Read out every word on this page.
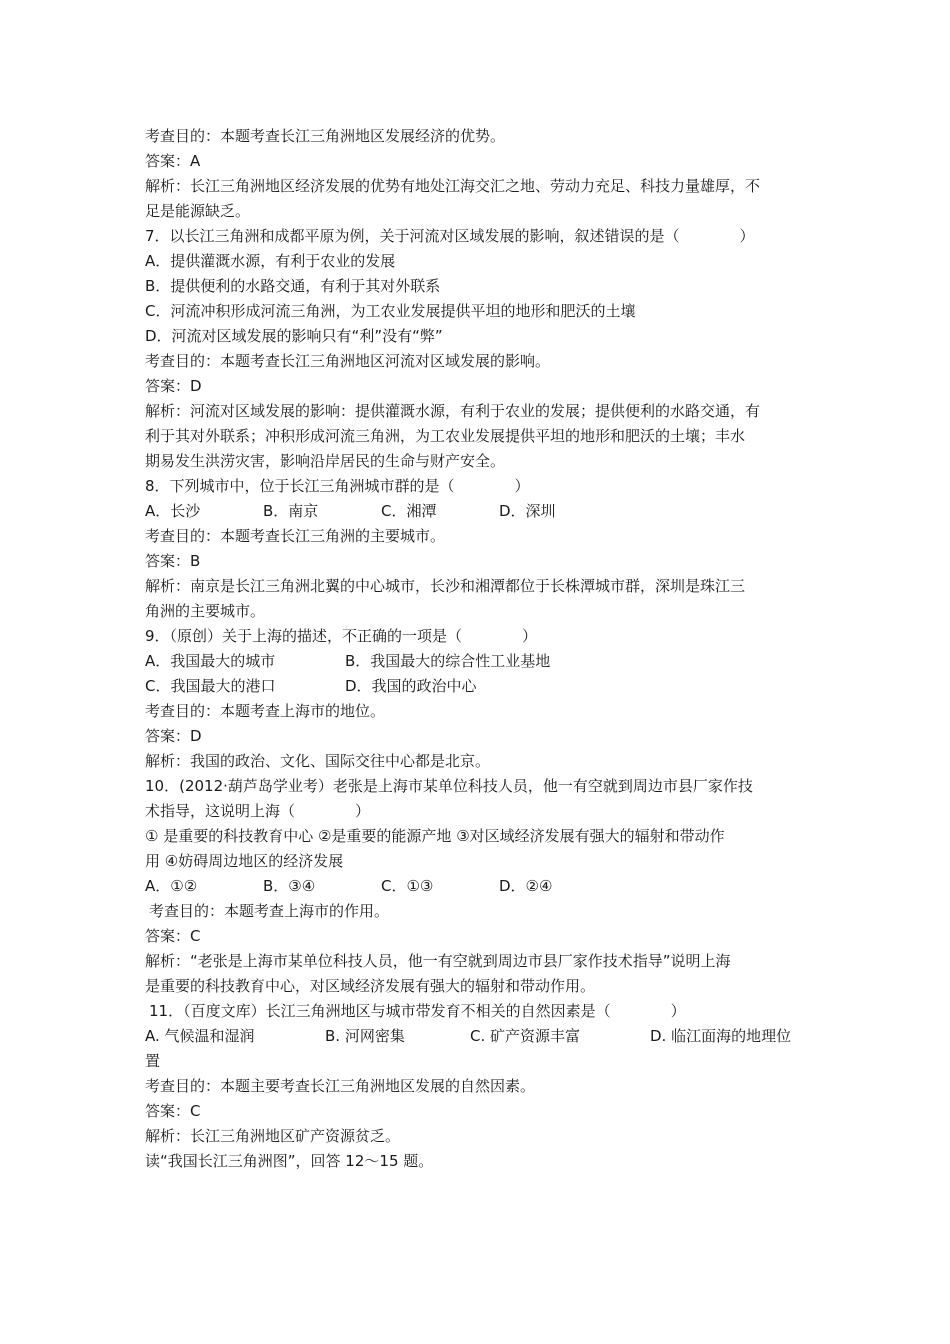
考查目的：本题考查长江三角洲地区发展经济的优势。
答案：A
解析：长江三角洲地区经济发展的优势有地处江海交汇之地、劳动力充足、科技力量雄厚，不
足是能源缺乏。
7．以长江三角洲和成都平原为例，关于河流对区域发展的影响，叙述错误的是（　　　　）
A．提供灌溉水源，有利于农业的发展
B．提供便利的水路交通，有利于其对外联系
C．河流冲积形成河流三角洲，为工农业发展提供平坦的地形和肥沃的土壤
D．河流对区域发展的影响只有“利”没有“弊”
考查目的：本题考查长江三角洲地区河流对区域发展的影响。
答案：D
解析：河流对区域发展的影响：提供灌溉水源，有利于农业的发展；提供便利的水路交通，有
利于其对外联系；冲积形成河流三角洲，为工农业发展提供平坦的地形和肥沃的土壤；丰水
期易发生洪涝灾害，影响沿岸居民的生命与财产安全。
8．下列城市中，位于长江三角洲城市群的是（　　　　）
A．长沙	B．南京	C．湘潭	D．深圳
考查目的：本题考查长江三角洲的主要城市。
答案：B
解析：南京是长江三角洲北翼的中心城市，长沙和湘潭都位于长株潭城市群，深圳是珠江三
角洲的主要城市。
9．（原创）关于上海的描述，不正确的一项是（　　　　）
A．我国最大的城市	B．我国最大的综合性工业基地
C．我国最大的港口	D．我国的政治中心
考查目的：本题考查上海市的地位。
答案：D
解析：我国的政治、文化、国际交往中心都是北京。
10．(2012·葫芦岛学业考）老张是上海市某单位科技人员，他一有空就到周边市县厂家作技
术指导，这说明上海（　　　　）
① 是重要的科技教育中心 ②是重要的能源产地 ③对区域经济发展有强大的辐射和带动作
用 ④妨碍周边地区的经济发展
A．①②	B．③④	C．①③	D．②④
考查目的：本题考查上海市的作用。
答案：C
解析：“老张是上海市某单位科技人员，他一有空就到周边市县厂家作技术指导”说明上海
是重要的科技教育中心，对区域经济发展有强大的辐射和带动作用。
11．（百度文库）长江三角洲地区与城市带发育不相关的自然因素是（　　　　）
A. 气候温和湿润	B. 河网密集	C. 矿产资源丰富	D. 临江面海的地理位
置
考查目的：本题主要考查长江三角洲地区发展的自然因素。
答案：C
解析：长江三角洲地区矿产资源贫乏。
读“我国长江三角洲图”，回答 12～15 题。
